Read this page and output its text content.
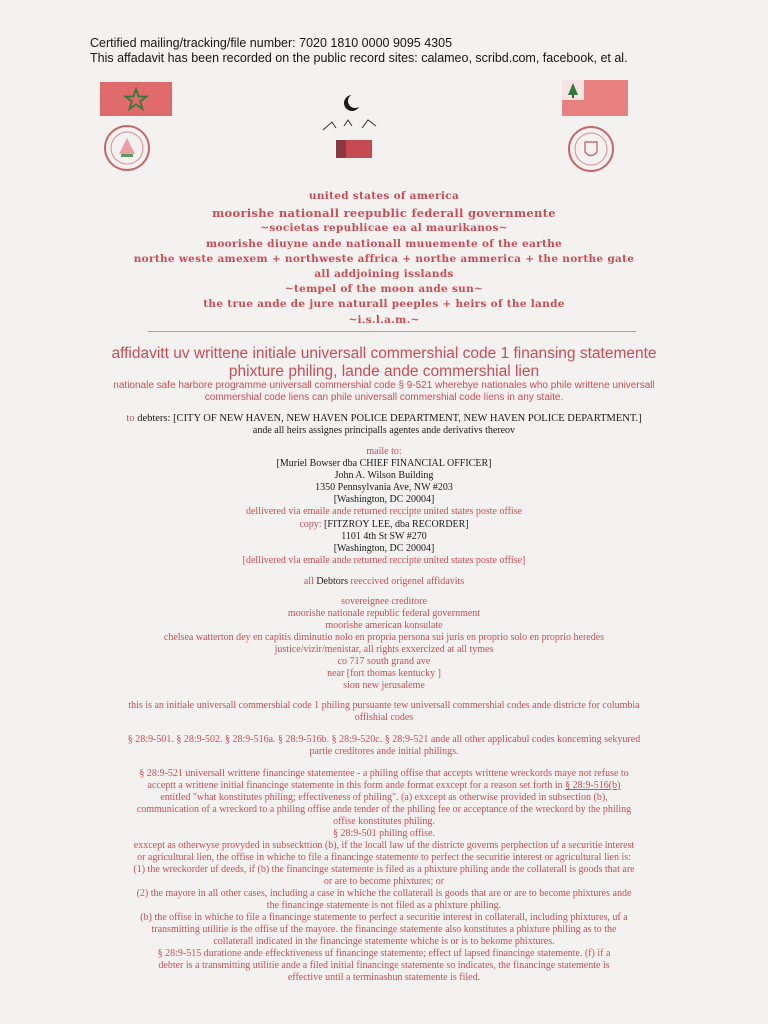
Certified mailing/tracking/file number: 7020 1810 0000 9095 4305
This affadavit has been recorded on the public record sites: calameo, scribd.com, facebook, et al.
united states of america
moorishe nationall reepublic federall governmente
~societas republicae ea al maurikanos~
moorishe diuyne ande nationall muuemente of the earthe
northe weste amexem + northweste affrica + northe ammerica + the northe gate
all addjoining isslands
~tempel of the moon ande sun~
the true ande de jure naturall peeples + heirs of the lande
~i.s.l.a.m.~
affidavitt uv writtene initiale universall commershial code 1 finansing statemente
phixture philing, lande ande commershial lien
nationale safe harbore programme universall commershial code § 9-521 wherebye nationales who phile writtene universall
commershial code liens can phile universall commershial code liens in any staite.
to debters: [CITY OF NEW HAVEN, NEW HAVEN POLICE DEPARTMENT, NEW HAVEN POLICE DEPARTMENT.]
ande all heirs assignes principalls agentes ande derivativs thereov
maile to:
[Muriel Bowser dba CHIEF FINANCIAL OFFICER]
John A. Wilson Building
1350 Pennsylvania Ave, NW #203
[Washington, DC 20004]
dellivered via emaile ande returned reccipte united states poste offise
copy: [FITZROY LEE, dba RECORDER]
1101 4th St SW #270
[Washington, DC 20004]
[dellivered via emaile ande returned reccipte united states poste offise]
all Debtors reeccived origenel affidavits
sovereignee creditore
moorishe nationale republic federal government
moorishe american konsulate
chelsea watterton dey en capitis diminutio nolo en propria persona sui juris en proprio solo en proprio heredes
justice/vizir/menistar, all rights exxercized at all tymes
co 717 south grand ave
near [fort thomas kentucky ]
sion new jerusaleme
this is an initiale universall commershial code 1 philing pursuante tew universall commershial codes ande districte for columbia
offishial codes
§ 28:9-501. § 28:9-502. § 28:9-516a. § 28:9-516b. § 28:9-520c. § 28:9-521 ande all other applicabul codes konceming sekyured
partie creditores ande initial philings.
§ 28:9-521 universall writtene financinge statementee - a philing offise that accepts writtene wreckords maye not refuse to
acceptt a writtene initial financinge statemente in this form ande format exxcept for a reason set forth in § 28:9-516(b)
entitled "what konstitutes philing; effectiveness of philing". (a) exxcept as otherwise provided in subsection (b),
communication of a wreckord to a philing offise ande tender of the philing fee or acceptance of the wreckord by the philing
offise konstitutes philing.
§ 28:9-501 philing offise.
exxcept as otherwyse provyded in subseckttion (b), if the locall law uf the districte governs perphection uf a securitie interest
or agricultural lien, the offise in whiche to file a financinge statemente to perfect the securitie interest or agricultural lien is:
(1) the wreckorder uf deeds, if (b) the financinge statemente is filed as a phixture philing ande the collaterall is goods that are
or are to become phixtures; or
(2) the mayore in all other cases, including a case in whiche the collaterall is goods that are or are to become phixtures ande
the financinge statemente is not filed as a phixture philing.
(b) the offise in whiche to file a financinge statemente to perfect a securitie interest in collaterall, including phixtures, uf a
transmitting utilitie is the offise uf the mayore. the financinge statemente also konstitutes a phixture philing as to the
collaterall indicated in the financinge statemente whiche is or is to bekome phixtures.
§ 28:9-515 duratione ande effecktiveness uf financinge statemente; effect uf lapsed financinge statemente. (f) if a
debter is a transmitting utilitie ande a filed initial financinge statemente so indicates, the financinge statemente is
effective until a terminashun statemente is filed.
